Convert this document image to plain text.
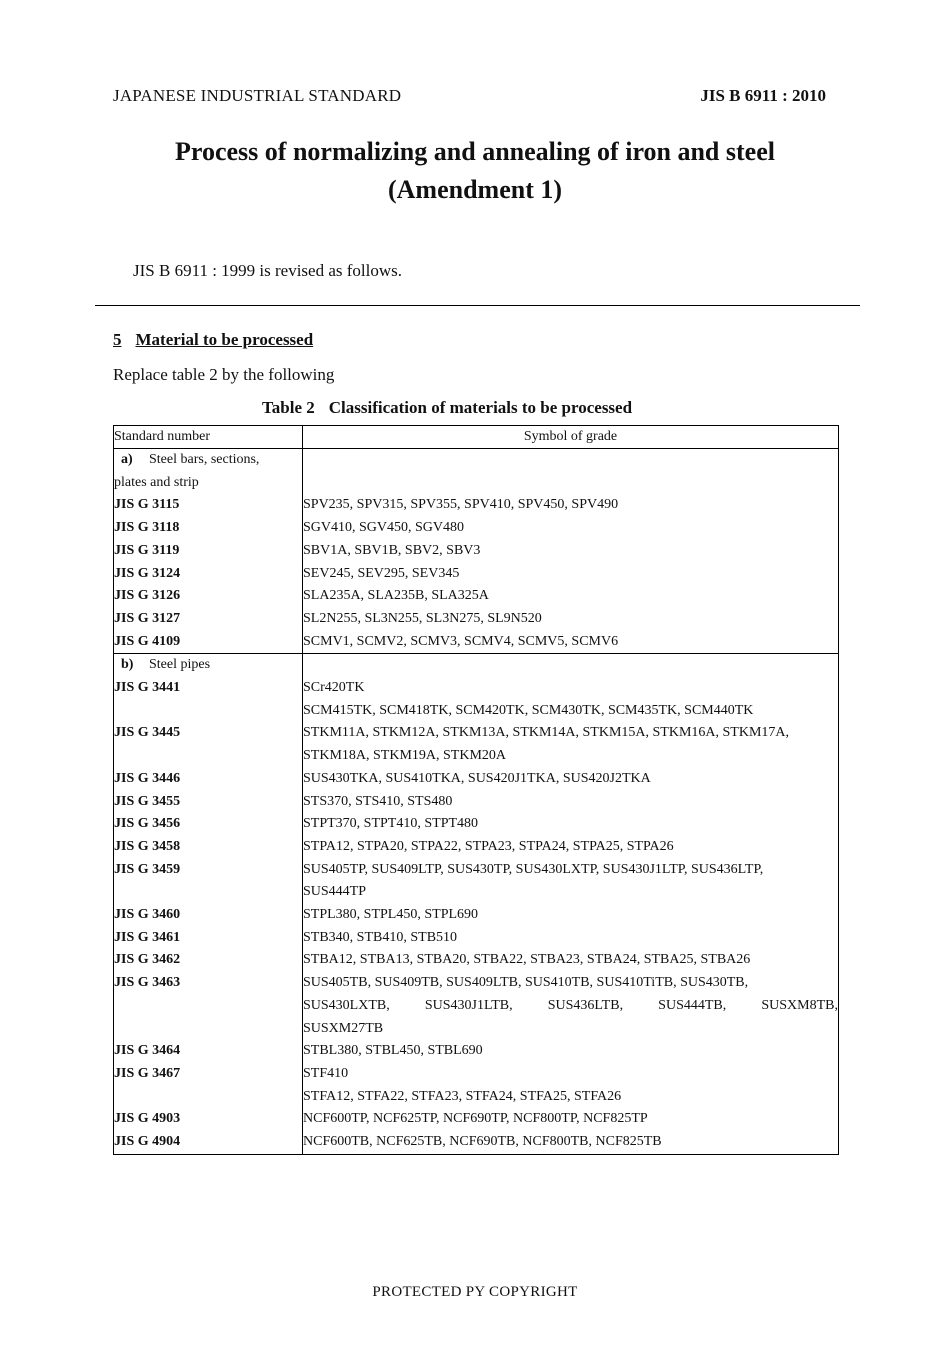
JAPANESE INDUSTRIAL STANDARD	JIS B 6911 : 2010
Process of normalizing and annealing of iron and steel
(Amendment 1)
JIS B 6911 : 1999 is revised as follows.
5 Material to be processed
Replace table 2 by the following
Table 2 Classification of materials to be processed
Standard number	Symbol of grade
a) Steel bars, sections,	
plates and strip	
JIS G 3115	SPV235, SPV315, SPV355, SPV410, SPV450, SPV490
JIS G 3118	SGV410, SGV450, SGV480
JIS G 3119	SBV1A, SBV1B, SBV2, SBV3
JIS G 3124	SEV245, SEV295, SEV345
JIS G 3126	SLA235A, SLA235B, SLA325A
JIS G 3127	SL2N255, SL3N255, SL3N275, SL9N520
JIS G 4109	SCMV1, SCMV2, SCMV3, SCMV4, SCMV5, SCMV6
b) Steel pipes	
JIS G 3441	SCr420TK
	SCM415TK, SCM418TK, SCM420TK, SCM430TK, SCM435TK, SCM440TK
JIS G 3445	STKM11A, STKM12A, STKM13A, STKM14A, STKM15A, STKM16A, STKM17A,
	STKM18A, STKM19A, STKM20A
JIS G 3446	SUS430TKA, SUS410TKA, SUS420J1TKA, SUS420J2TKA
JIS G 3455	STS370, STS410, STS480
JIS G 3456	STPT370, STPT410, STPT480
JIS G 3458	STPA12, STPA20, STPA22, STPA23, STPA24, STPA25, STPA26
JIS G 3459	SUS405TP, SUS409LTP, SUS430TP, SUS430LXTP, SUS430J1LTP, SUS436LTP,
	SUS444TP
JIS G 3460	STPL380, STPL450, STPL690
JIS G 3461	STB340, STB410, STB510
JIS G 3462	STBA12, STBA13, STBA20, STBA22, STBA23, STBA24, STBA25, STBA26
JIS G 3463	SUS405TB, SUS409TB, SUS409LTB, SUS410TB, SUS410TiTB, SUS430TB,
	SUS430LXTB, SUS430J1LTB, SUS436LTB, SUS444TB, SUSXM8TB,
	SUSXM27TB
JIS G 3464	STBL380, STBL450, STBL690
JIS G 3467	STF410
	STFA12, STFA22, STFA23, STFA24, STFA25, STFA26
JIS G 4903	NCF600TP, NCF625TP, NCF690TP, NCF800TP, NCF825TP
JIS G 4904	NCF600TB, NCF625TB, NCF690TB, NCF800TB, NCF825TB
PROTECTED PY COPYRIGHT
